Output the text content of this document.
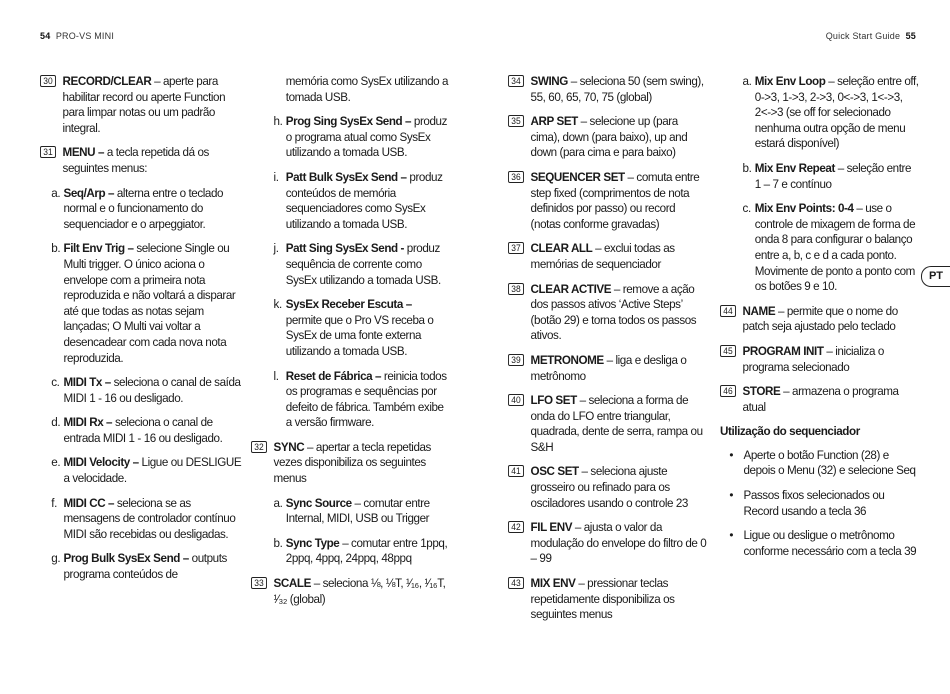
54 PRO-VS MINI	Quick Start Guide 55
30 RECORD/CLEAR – aperte para habilitar record ou aperte Function para limpar notas ou um padrão integral.
31 MENU – a tecla repetida dá os seguintes menus:
a. Seq/Arp – alterna entre o teclado normal e o funcionamento do sequenciador e o arpeggiator.
b. Filt Env Trig – selecione Single ou Multi trigger. O único aciona o envelope com a primeira nota reproduzida e não voltará a disparar até que todas as notas sejam lançadas; O Multi vai voltar a desencadear com cada nova nota reproduzida.
c. MIDI Tx – seleciona o canal de saída MIDI 1 - 16 ou desligado.
d. MIDI Rx – seleciona o canal de entrada MIDI 1 - 16 ou desligado.
e. MIDI Velocity – Ligue ou DESLIGUE a velocidade.
f. MIDI CC – seleciona se as mensagens de controlador contínuo MIDI são recebidas ou desligadas.
g. Prog Bulk SysEx Send – outputs programa conteúdos de
memória como SysEx utilizando a tomada USB.
h. Prog Sing SysEx Send – produz o programa atual como SysEx utilizando a tomada USB.
i. Patt Bulk SysEx Send – produz conteúdos de memória sequenciadores como SysEx utilizando a tomada USB.
j. Patt Sing SysEx Send - produz sequência de corrente como SysEx utilizando a tomada USB.
k. SysEx Receber Escuta – permite que o Pro VS receba o SysEx de uma fonte externa utilizando a tomada USB.
l. Reset de Fábrica – reinicia todos os programas e sequências por defeito de fábrica. Também exibe a versão firmware.
32 SYNC – apertar a tecla repetidas vezes disponibiliza os seguintes menus
a. Sync Source – comutar entre Internal, MIDI, USB ou Trigger
b. Sync Type – comutar entre 1ppq, 2ppq, 4ppq, 24ppq, 48ppq
33 SCALE – seleciona ⅛, ⅛T, ¹⁄₁₆, ¹⁄₁₆T, ¹⁄₃₂ (global)
34 SWING – seleciona 50 (sem swing), 55, 60, 65, 70, 75 (global)
35 ARP SET – selecione up (para cima), down (para baixo), up and down (para cima e para baixo)
36 SEQUENCER SET – comuta entre step fixed (comprimentos de nota definidos por passo) ou record (notas conforme gravadas)
37 CLEAR ALL – exclui todas as memórias de sequenciador
38 CLEAR ACTIVE – remove a ação dos passos ativos ‘Active Steps’ (botão 29) e torna todos os passos ativos.
39 METRONOME – liga e desliga o metrônomo
40 LFO SET – seleciona a forma de onda do LFO entre triangular, quadrada, dente de serra, rampa ou S&H
41 OSC SET – seleciona ajuste grosseiro ou refinado para os osciladores usando o controle 23
42 FIL ENV – ajusta o valor da modulação do envelope do filtro de 0 – 99
43 MIX ENV – pressionar teclas repetidamente disponibiliza os seguintes menus
a. Mix Env Loop – seleção entre off, 0->3, 1->3, 2->3, 0<->3, 1<->3, 2<->3 (se off for selecionado nenhuma outra opção de menu estará disponível)
b. Mix Env Repeat – seleção entre 1 – 7 e contínuo
c. Mix Env Points: 0-4 – use o controle de mixagem de forma de onda 8 para configurar o balanço entre a, b, c e d a cada ponto. Movimente de ponto a ponto com os botões 9 e 10.
44 NAME – permite que o nome do patch seja ajustado pelo teclado
45 PROGRAM INIT – inicializa o programa selecionado
46 STORE – armazena o programa atual
Utilização do sequenciador
• Aperte o botão Function (28) e depois o Menu (32) e selecione Seq
• Passos fixos selecionados ou Record usando a tecla 36
• Ligue ou desligue o metrônomo conforme necessário com a tecla 39
PT
